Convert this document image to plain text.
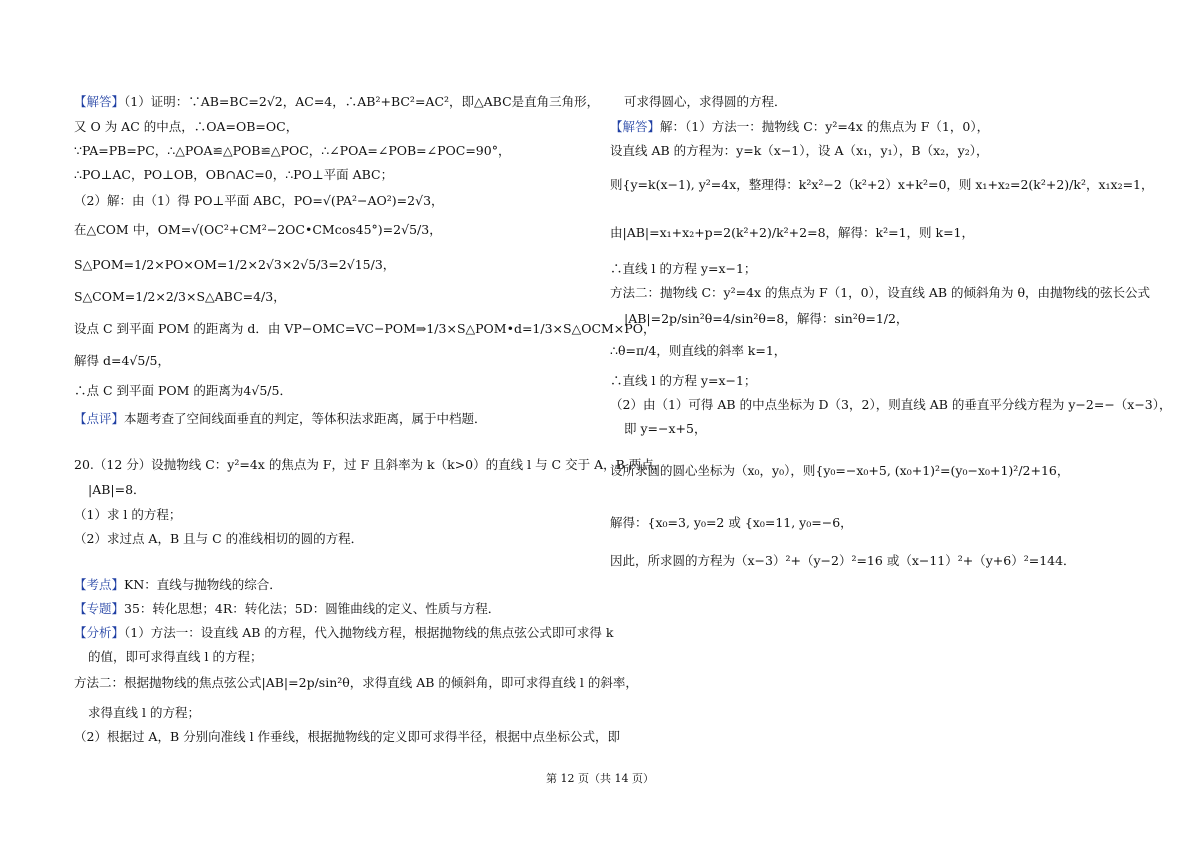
【解答】（1）证明：∵AB=BC=2√2，AC=4，∴AB²+BC²=AC²，即△ABC是直角三角形，
又 O 为 AC 的中点，∴OA=OB=OC，
∵PA=PB=PC，∴△POA≌△POB≌△POC，∴∠POA=∠POB=∠POC=90°，
∴PO⊥AC，PO⊥OB，OB∩AC=0，∴PO⊥平面 ABC；
（2）解：由（1）得 PO⊥平面 ABC，PO=√(PA²−AO²)=2√3，
在△COM 中，OM=√(OC²+CM²−2OC•CMcos45°)=2√5/3，
S△POM=1/2×PO×OM=1/2×2√3×2√5/3=2√15/3，
S△COM=1/2×2/3×S△ABC=4/3，
设点 C 到平面 POM 的距离为 d．由 VP−OMC=VC−POM⇒1/3×S△POM•d=1/3×S△OCM×PO，
解得 d=4√5/5，
∴点 C 到平面 POM 的距离为4√5/5．
【点评】本题考查了空间线面垂直的判定，等体积法求距离，属于中档题．
20.（12 分）设抛物线 C：y²=4x 的焦点为 F，过 F 且斜率为 k（k>0）的直线 l 与 C 交于 A，B 两点，
|AB|=8．
（1）求 l 的方程；
（2）求过点 A，B 且与 C 的准线相切的圆的方程．
【考点】KN：直线与抛物线的综合．
【专题】35：转化思想；4R：转化法；5D：圆锥曲线的定义、性质与方程．
【分析】（1）方法一：设直线 AB 的方程，代入抛物线方程，根据抛物线的焦点弦公式即可求得 k
的值，即可求得直线 l 的方程；
方法二：根据抛物线的焦点弦公式|AB|=2p/sin²θ，求得直线 AB 的倾斜角，即可求得直线 l 的斜率，
求得直线 l 的方程；
（2）根据过 A，B 分别向准线 l 作垂线，根据抛物线的定义即可求得半径，根据中点坐标公式，即
可求得圆心，求得圆的方程．
【解答】解：（1）方法一：抛物线 C：y²=4x 的焦点为 F（1，0），
设直线 AB 的方程为：y=k（x−1），设 A（x₁，y₁），B（x₂，y₂），
则{y=k(x−1), y²=4x，整理得：k²x²−2（k²+2）x+k²=0，则 x₁+x₂=2(k²+2)/k²，x₁x₂=1，
由|AB|=x₁+x₂+p=2(k²+2)/k²+2=8，解得：k²=1，则 k=1，
∴直线 l 的方程 y=x−1；
方法二：抛物线 C：y²=4x 的焦点为 F（1，0），设直线 AB 的倾斜角为 θ，由抛物线的弦长公式
|AB|=2p/sin²θ=4/sin²θ=8，解得：sin²θ=1/2，
∴θ=π/4，则直线的斜率 k=1，
∴直线 l 的方程 y=x−1；
（2）由（1）可得 AB 的中点坐标为 D（3，2），则直线 AB 的垂直平分线方程为 y−2=−（x−3），
即 y=−x+5，
设所求圆的圆心坐标为（x₀，y₀），则{y₀=−x₀+5, (x₀+1)²=(y₀−x₀+1)²/2+16，
解得：{x₀=3, y₀=2 或 {x₀=11, y₀=−6，
因此，所求圆的方程为（x−3）²+（y−2）²=16 或（x−11）²+（y+6）²=144．
第 12 页（共 14 页）
